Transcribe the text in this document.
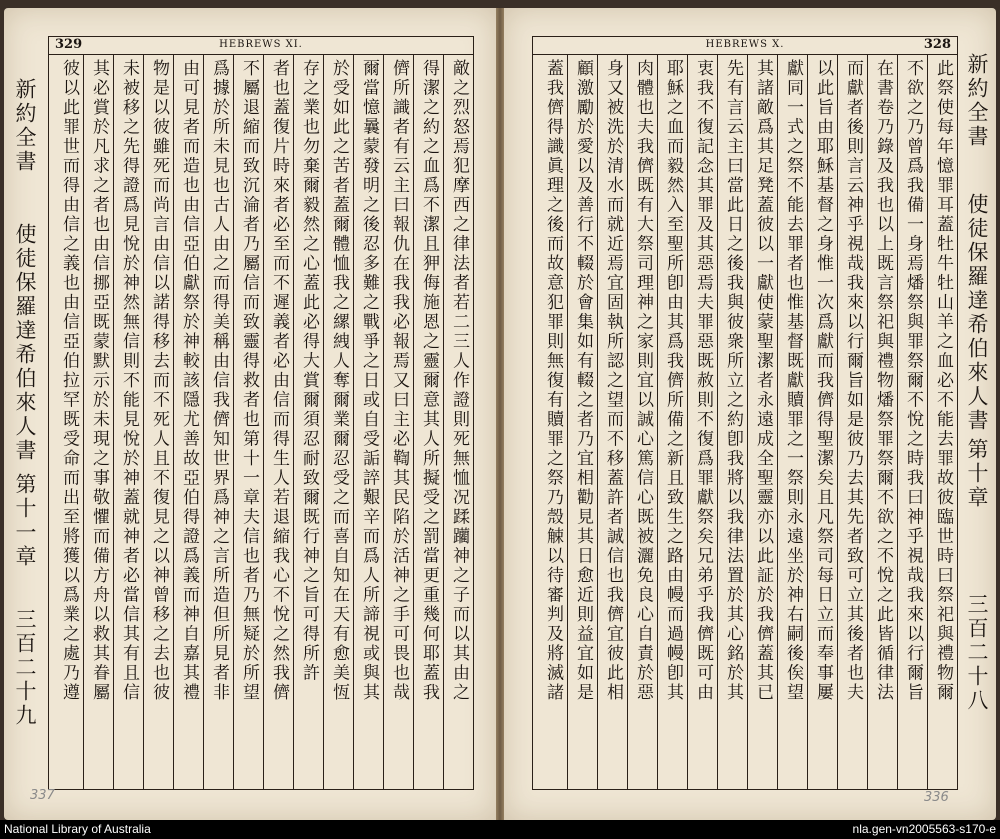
329	HEBREWS XI.
敵之烈怒焉犯摩西之律法者若二三人作證則死無恤况蹂躪神之子而以其由之
得潔之約之血爲不潔且狎侮施恩之靈爾意其人所擬受之罰當更重幾何耶蓋我
儕所識者有云主曰報仇在我我必報焉又曰主必鞫其民陷於活神之手可畏也哉
爾當憶曩蒙發明之後忍多難之戰爭之日或自受詬誶艱辛而爲人所諦視或與其
於受如此之苦者蓋爾體恤我之縲絏人奪爾業爾忍受之而喜自知在天有愈美恆
存之業也勿棄爾毅然之心蓋此必得大賞爾須忍耐致爾既行神之旨可得所許
者也蓋復片時來者必至而不遲義者必由信而得生人若退縮我心不悅之然我儕
不屬退縮而致沉淪者乃屬信而致靈得救者也第十一章夫信也者乃無疑於所望
爲據於所未見也古人由之而得美稱由信我儕知世界爲神之言所造但所見者非
由可見者而造也由信亞伯獻祭於神較該隱尤善故亞伯得證爲義而神自嘉其禮
物是以彼雖死而尚言由信以諾得移去而不死人且不復見之以神曾移之去也彼
未被移之先得證爲見悅於神然無信則不能見悅於神蓋就神者必當信其有且信
其必賞於凡求之者也由信挪亞既蒙默示於未現之事敬懼而備方舟以救其眷屬
彼以此罪世而得由信之義也由信亞伯拉罕既受命而出至將獲以爲業之處乃遵
新約全書
使徒保羅達希伯來人書
第十一章
三百二十九
337
328
HEBREWS X.
此祭使每年憶罪耳蓋牡牛牡山羊之血必不能去罪故彼臨世時曰祭祀與禮物爾
不欲之乃曾爲我備一身焉燔祭與罪祭爾不悅之時我曰神乎視哉我來以行爾旨
在書卷乃錄及我也以上既言祭祀與禮物燔祭罪祭爾不欲之不悅之此皆循律法
而獻者後則言云神乎視哉我來以行爾旨如是彼乃去其先者致可立其後者也夫
以此旨由耶穌基督之身惟一次爲獻而我儕得聖潔矣且凡祭司每日立而奉事屢
獻同一式之祭不能去罪者也惟基督既獻贖罪之一祭則永遠坐於神右嗣後俟望
其諸敵爲其足凳蓋彼以一獻使蒙聖潔者永遠成全聖靈亦以此証於我儕蓋其已
先有言云主曰當此日之後我與彼衆所立之約卽我將以我律法置於其心銘於其
衷我不復記念其罪及其惡焉夫罪惡既赦則不復爲罪獻祭矣兄弟乎我儕既可由
耶穌之血而毅然入至聖所卽由其爲我儕所備之新且致生之路由幔而過幔卽其
肉體也夫我儕既有大祭司理神之家則宜以誠心篤信心既被灑免良心自責於惡
身又被洗於清水而就近焉宜固執所認之望而不移蓋許者誠信也我儕宜彼此相
顧激勵於愛以及善行不輟於會集如有輟之者乃宜相勸見其日愈近則益宜如是
蓋我儕得識眞理之後而故意犯罪則無復有贖罪之祭乃殼觫以待審判及將滅諸	新約全書
使徒保羅達希伯來人書
第十章
三百二十八
336
National Library of Australia	nla.gen-vn2005563-s170-e
